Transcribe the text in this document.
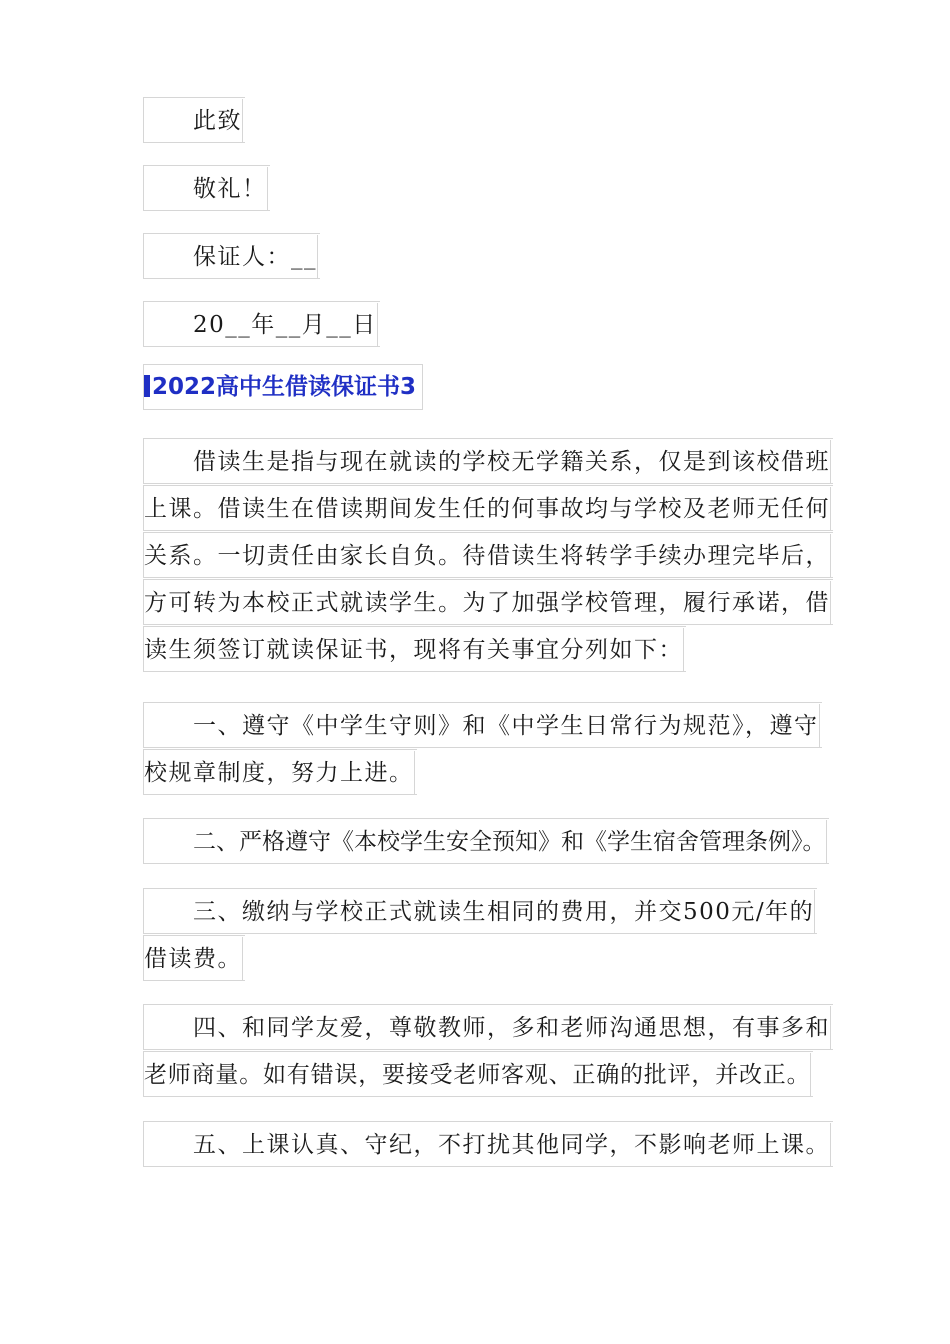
此致
敬礼！
保证人：__
20__年__月__日
2022高中生借读保证书3
借读生是指与现在就读的学校无学籍关系，仅是到该校借班
上课。借读生在借读期间发生任的何事故均与学校及老师无任何
关系。一切责任由家长自负。待借读生将转学手续办理完毕后，
方可转为本校正式就读学生。为了加强学校管理，履行承诺，借
读生须签订就读保证书，现将有关事宜分列如下：
一、遵守《中学生守则》和《中学生日常行为规范》，遵守
校规章制度，努力上进。
二、严格遵守《本校学生安全预知》和《学生宿舍管理条例》。
三、缴纳与学校正式就读生相同的费用，并交500元/年的
借读费。
四、和同学友爱，尊敬教师，多和老师沟通思想，有事多和
老师商量。如有错误，要接受老师客观、正确的批评，并改正。
五、上课认真、守纪，不打扰其他同学，不影响老师上课。
